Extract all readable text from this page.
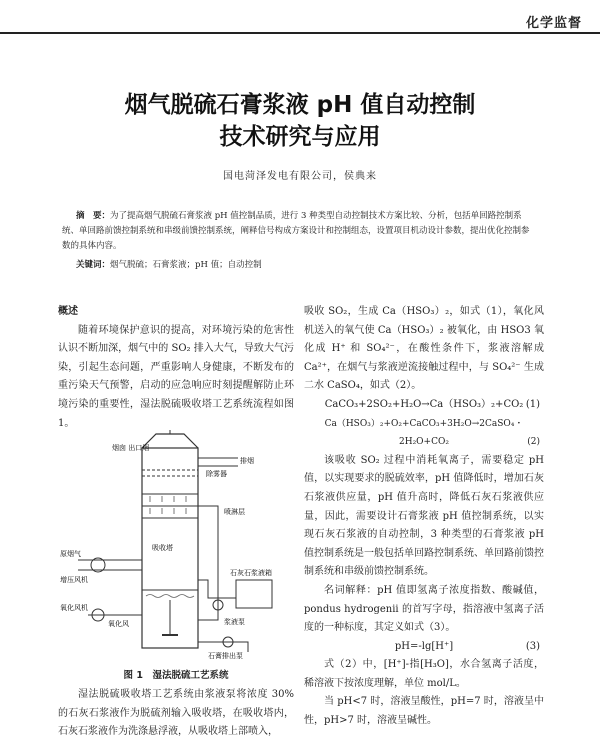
化学监督
烟气脱硫石膏浆液 pH 值自动控制
技术研究与应用
国电菏泽发电有限公司，侯典来
摘　要：为了提高烟气脱硫石膏浆液 pH 值控制品质，进行 3 种类型自动控制技术方案比较、分析，包括单回路控制系统、单回路前馈控制系统和串级前馈控制系统，阐释信号构成方案设计和控制组态，设置项目机动设计参数，提出优化控制参数的具体内容。
关键词：烟气脱硫；石膏浆液；pH 值；自动控制

概述

随着环境保护意识的提高，对环境污染的危害性认识不断加深，烟气中的 SO₂ 排入大气，导致大气污染，引起生态问题，严重影响人身健康，不断发布的重污染天气预警，启动的应急响应时刻提醒解防止环境污染的重要性，湿法脱硫吸收塔工艺系统流程如图 1。

烟囱 出口烟
排烟
除雾器
喷淋层
吸收塔
原烟气
增压风机
氧化风机
氧化风
石灰石浆液箱
浆液泵
石膏排出泵
图 1　湿法脱硫工艺系统

湿法脱硫吸收塔工艺系统由浆液泵将浓度 30% 的石灰石浆液作为脱硫剂输入吸收塔，在吸收塔内，石灰石浆液作为洗涤悬浮液，从吸收塔上部喷入，

吸收 SO₂，生成 Ca（HSO₃）₂，如式（1），氧化风机送入的氧气使 Ca（HSO₃）₂ 被氧化，由 HSO3 氧化成 H⁺ 和 SO₄²⁻，在酸性条件下，浆液溶解成 Ca²⁺，在烟气与浆液逆流接触过程中，与 SO₄²⁻ 生成二水 CaSO₄，如式（2）。

CaCO₃+2SO₂+H₂O→Ca（HSO₃）₂+CO₂ (1)

Ca（HSO₃）₂+O₂+CaCO₃+3H₂O→2CaSO₄・2H₂O+CO₂	(2)

该吸收 SO₂ 过程中消耗氧离子，需要稳定 pH 值，以实现要求的脱硫效率，pH 值降低时，增加石灰石浆液供应量，pH 值升高时，降低石灰石浆液供应量，因此，需要设计石膏浆液 pH 值控制系统，以实现石灰石浆液的自动控制，3 种类型的石膏浆液 pH 值控制系统是一般包括单回路控制系统、单回路前馈控制系统和串级前馈控制系统。

名词解释：pH 值即氢离子浓度指数、酸碱值，pondus hydrogenii 的首写字母，指溶液中氢离子活度的一种标度，其定义如式（3）。

pH=-lg[H⁺]	(3)

式（2）中，[H⁺]-指[H₃O]，水合氢离子活度，稀溶液下按浓度理解，单位 mol/L。

当 pH<7 时，溶液呈酸性，pH=7 时，溶液呈中性，pH>7 时，溶液呈碱性。
